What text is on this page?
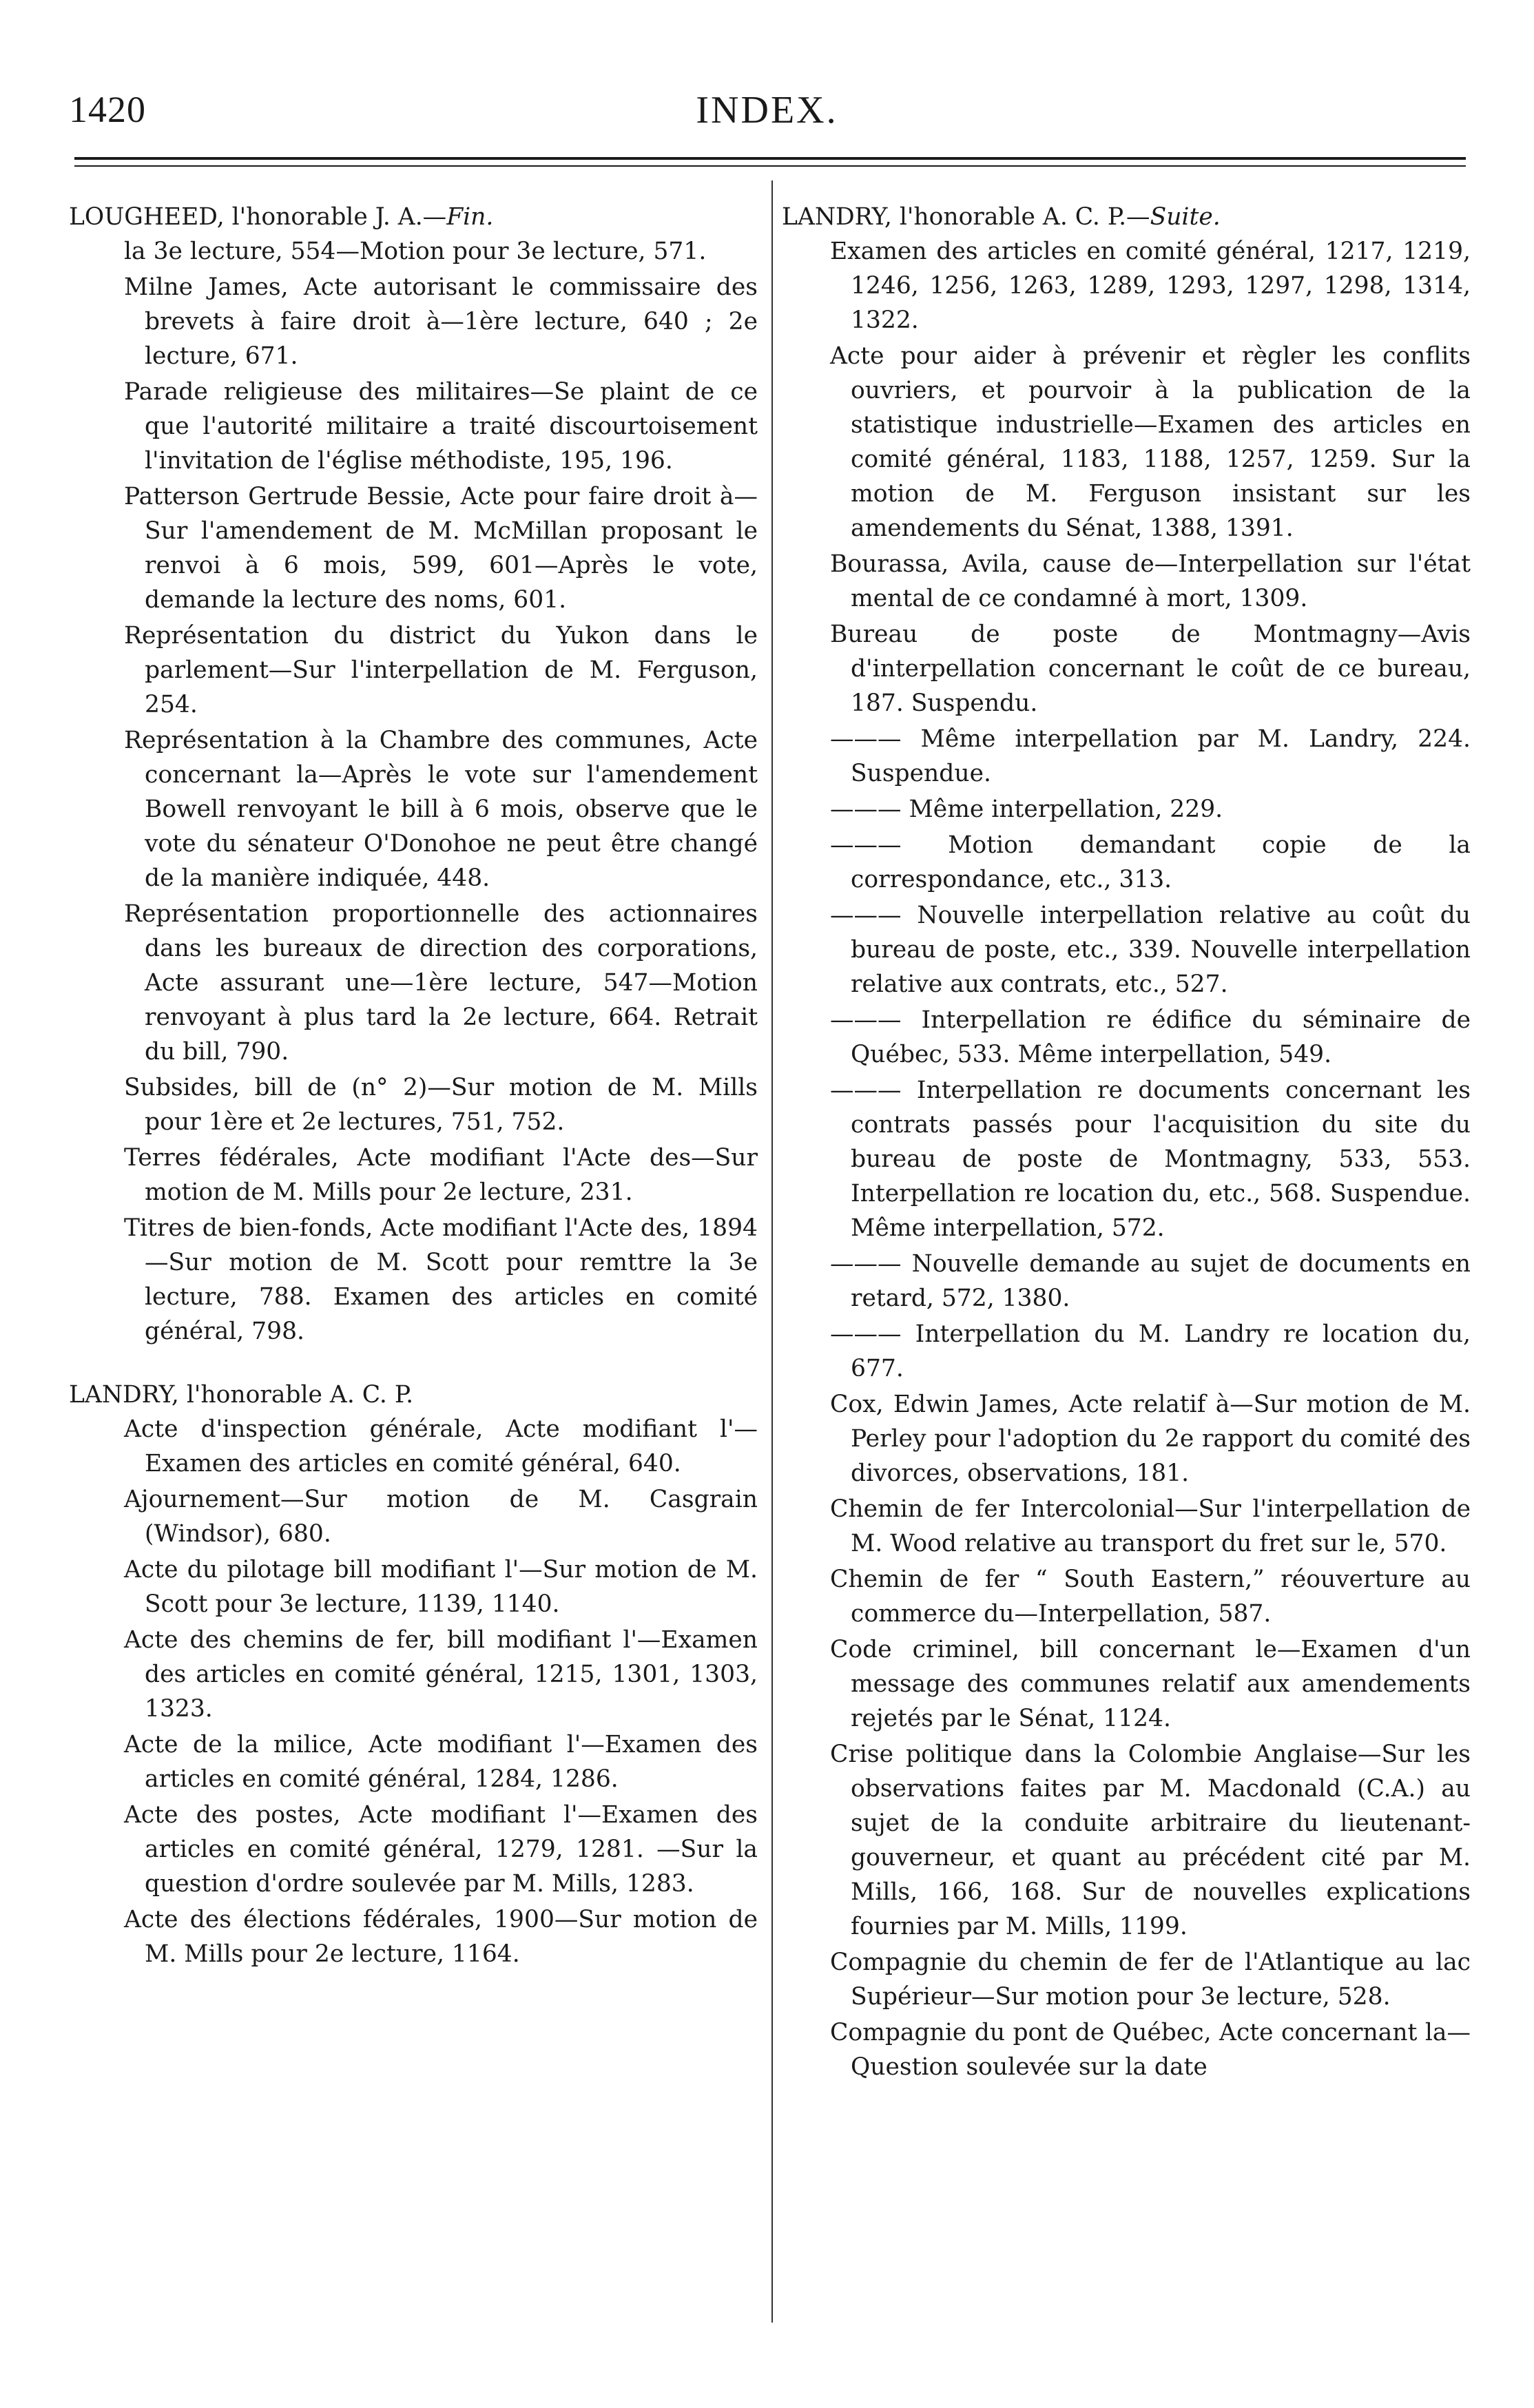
1420	INDEX.

LOUGHEED, l'honorable J. A.—Fin.

la 3e lecture, 554—Motion pour 3e lecture, 571.

Milne James, Acte autorisant le commissaire des brevets à faire droit à—1ère lecture, 640 ; 2e lecture, 671.

Parade religieuse des militaires—Se plaint de ce que l'autorité militaire a traité discourtoisement l'invitation de l'église méthodiste, 195, 196.

Patterson Gertrude Bessie, Acte pour faire droit à—Sur l'amendement de M. McMillan proposant le renvoi à 6 mois, 599, 601—Après le vote, demande la lecture des noms, 601.

Représentation du district du Yukon dans le parlement—Sur l'interpellation de M. Ferguson, 254.

Représentation à la Chambre des communes, Acte concernant la—Après le vote sur l'amendement Bowell renvoyant le bill à 6 mois, observe que le vote du sénateur O'Donohoe ne peut être changé de la manière indiquée, 448.

Représentation proportionnelle des actionnaires dans les bureaux de direction des corporations, Acte assurant une—1ère lecture, 547—Motion renvoyant à plus tard la 2e lecture, 664. Retrait du bill, 790.

Subsides, bill de (n° 2)—Sur motion de M. Mills pour 1ère et 2e lectures, 751, 752.

Terres fédérales, Acte modifiant l'Acte des—Sur motion de M. Mills pour 2e lecture, 231.

Titres de bien-fonds, Acte modifiant l'Acte des, 1894—Sur motion de M. Scott pour remttre la 3e lecture, 788. Examen des articles en comité général, 798.

LANDRY, l'honorable A. C. P.

Acte d'inspection générale, Acte modifiant l'—Examen des articles en comité général, 640.

Ajournement—Sur motion de M. Casgrain (Windsor), 680.

Acte du pilotage bill modifiant l'—Sur motion de M. Scott pour 3e lecture, 1139, 1140.

Acte des chemins de fer, bill modifiant l'—Examen des articles en comité général, 1215, 1301, 1303, 1323.

Acte de la milice, Acte modifiant l'—Examen des articles en comité général, 1284, 1286.

Acte des postes, Acte modifiant l'—Examen des articles en comité général, 1279, 1281. —Sur la question d'ordre soulevée par M. Mills, 1283.

Acte des élections fédérales, 1900—Sur motion de M. Mills pour 2e lecture, 1164.

LANDRY, l'honorable A. C. P.—Suite.

Examen des articles en comité général, 1217, 1219, 1246, 1256, 1263, 1289, 1293, 1297, 1298, 1314, 1322.

Acte pour aider à prévenir et règler les conflits ouvriers, et pourvoir à la publication de la statistique industrielle—Examen des articles en comité général, 1183, 1188, 1257, 1259. Sur la motion de M. Ferguson insistant sur les amendements du Sénat, 1388, 1391.

Bourassa, Avila, cause de—Interpellation sur l'état mental de ce condamné à mort, 1309.

Bureau de poste de Montmagny—Avis d'interpellation concernant le coût de ce bureau, 187. Suspendu.

——— Même interpellation par M. Landry, 224. Suspendue.

——— Même interpellation, 229.

——— Motion demandant copie de la correspondance, etc., 313.

——— Nouvelle interpellation relative au coût du bureau de poste, etc., 339. Nouvelle interpellation relative aux contrats, etc., 527.

——— Interpellation re édifice du séminaire de Québec, 533. Même interpellation, 549.

——— Interpellation re documents concernant les contrats passés pour l'acquisition du site du bureau de poste de Montmagny, 533, 553. Interpellation re location du, etc., 568. Suspendue. Même interpellation, 572.

——— Nouvelle demande au sujet de documents en retard, 572, 1380.

——— Interpellation du M. Landry re location du, 677.

Cox, Edwin James, Acte relatif à—Sur motion de M. Perley pour l'adoption du 2e rapport du comité des divorces, observations, 181.

Chemin de fer Intercolonial—Sur l'interpellation de M. Wood relative au transport du fret sur le, 570.

Chemin de fer “ South Eastern,” réouverture au commerce du—Interpellation, 587.

Code criminel, bill concernant le—Examen d'un message des communes relatif aux amendements rejetés par le Sénat, 1124.

Crise politique dans la Colombie Anglaise—Sur les observations faites par M. Macdonald (C.A.) au sujet de la conduite arbitraire du lieutenant-gouverneur, et quant au précédent cité par M. Mills, 166, 168. Sur de nouvelles explications fournies par M. Mills, 1199.

Compagnie du chemin de fer de l'Atlantique au lac Supérieur—Sur motion pour 3e lecture, 528.

Compagnie du pont de Québec, Acte concernant la—Question soulevée sur la date
